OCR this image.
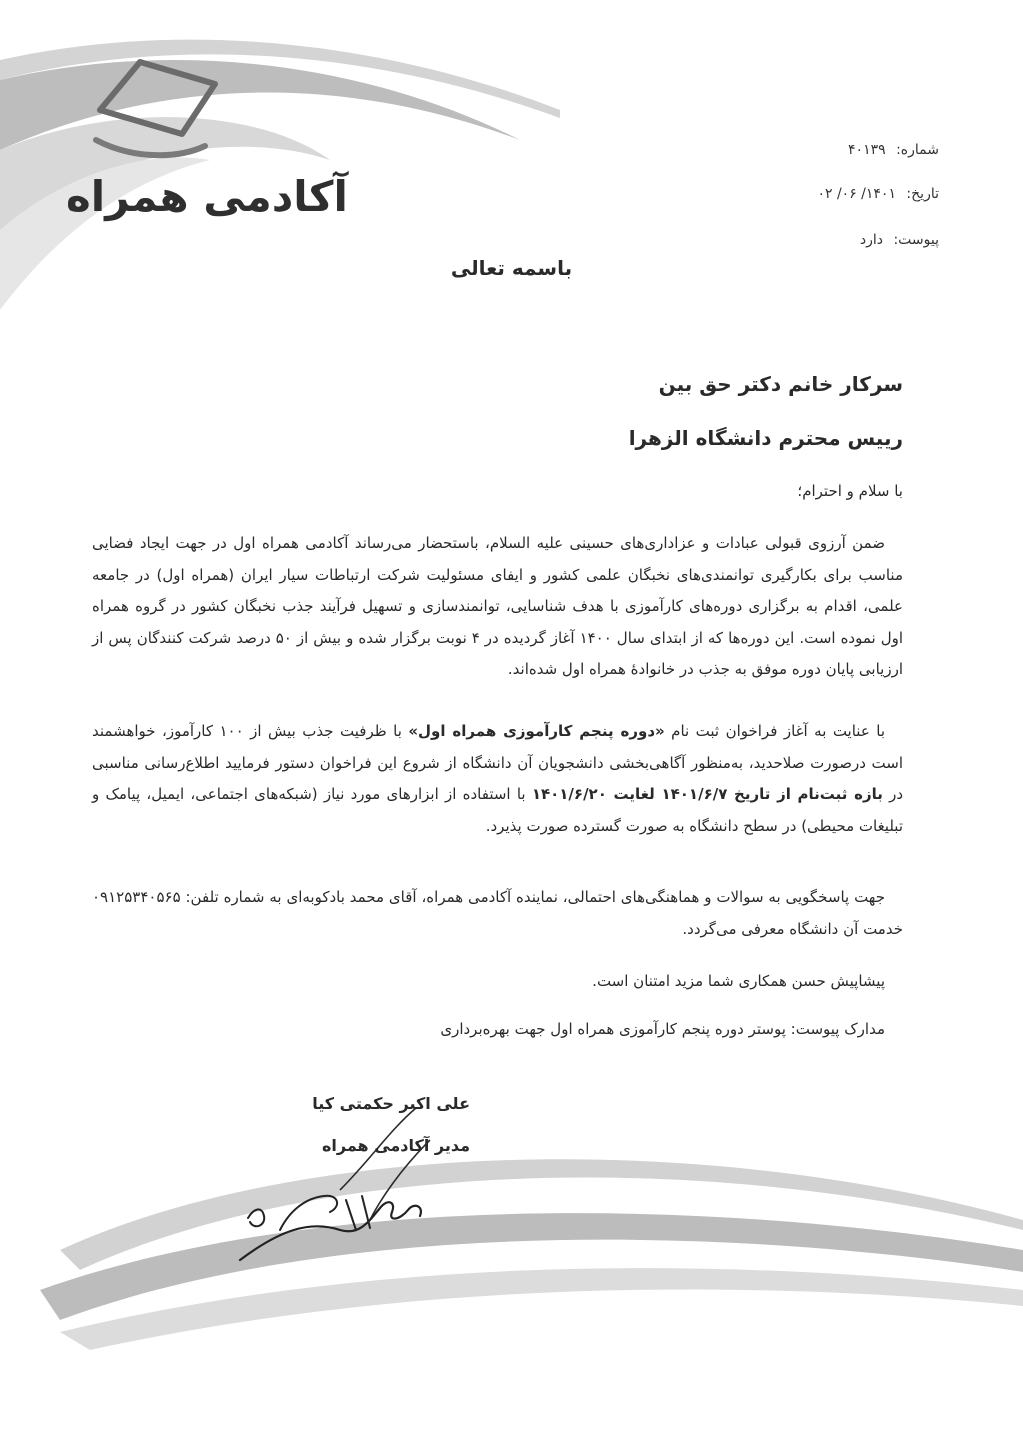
آکادمی همراه
شماره: ۴۰۱۳۹
تاریخ: ۱۴۰۱/ ۰۶/ ۰۲
پیوست: دارد
باسمه تعالی
سرکار خانم دکتر حق بین
رییس محترم دانشگاه الزهرا
با سلام و احترام؛
ضمن آرزوی قبولی عبادات و عزاداری‌های حسینی علیه السلام، باستحضار می‌رساند آکادمی همراه اول در جهت ایجاد فضایی مناسب برای بکارگیری توانمندی‌های نخبگان علمی کشور و ایفای مسئولیت شرکت ارتباطات سیار ایران (همراه اول) در جامعه علمی، اقدام به برگزاری دوره‌های کارآموزی با هدف شناسایی، توانمندسازی و تسهیل فرآیند جذب نخبگان کشور در گروه همراه اول نموده است. این دوره‌ها که از ابتدای سال ۱۴۰۰ آغاز گردیده در ۴ نوبت برگزار شده و بیش از ۵۰ درصد شرکت کنندگان پس از ارزیابی پایان دوره موفق به جذب در خانوادهٔ همراه اول شده‌اند.
با عنایت به آغاز فراخوان ثبت نام «دوره پنجم کارآموزی همراه اول» با ظرفیت جذب بیش از ۱۰۰ کارآموز، خواهشمند است درصورت صلاحدید، به‌منظور آگاهی‌بخشی دانشجویان آن دانشگاه از شروع این فراخوان دستور فرمایید اطلاع‌رسانی مناسبی در بازه ثبت‌نام از تاریخ ۱۴۰۱/۶/۷ لغایت ۱۴۰۱/۶/۲۰ با استفاده از ابزارهای مورد نیاز (شبکه‌های اجتماعی، ایمیل، پیامک و تبلیغات محیطی) در سطح دانشگاه به صورت گسترده صورت پذیرد.
جهت پاسخگویی به سوالات و هماهنگی‌های احتمالی، نماینده آکادمی همراه، آقای محمد بادکوبه‌ای به شماره تلفن: ۰۹۱۲۵۳۴۰۵۶۵ خدمت آن دانشگاه معرفی می‌گردد.
پیشاپیش حسن همکاری شما مزید امتنان است.
مدارک پیوست: پوستر دوره پنجم کارآموزی همراه اول جهت بهره‌برداری
علی اکبر حکمتی کیا
مدیر آکادمی همراه
